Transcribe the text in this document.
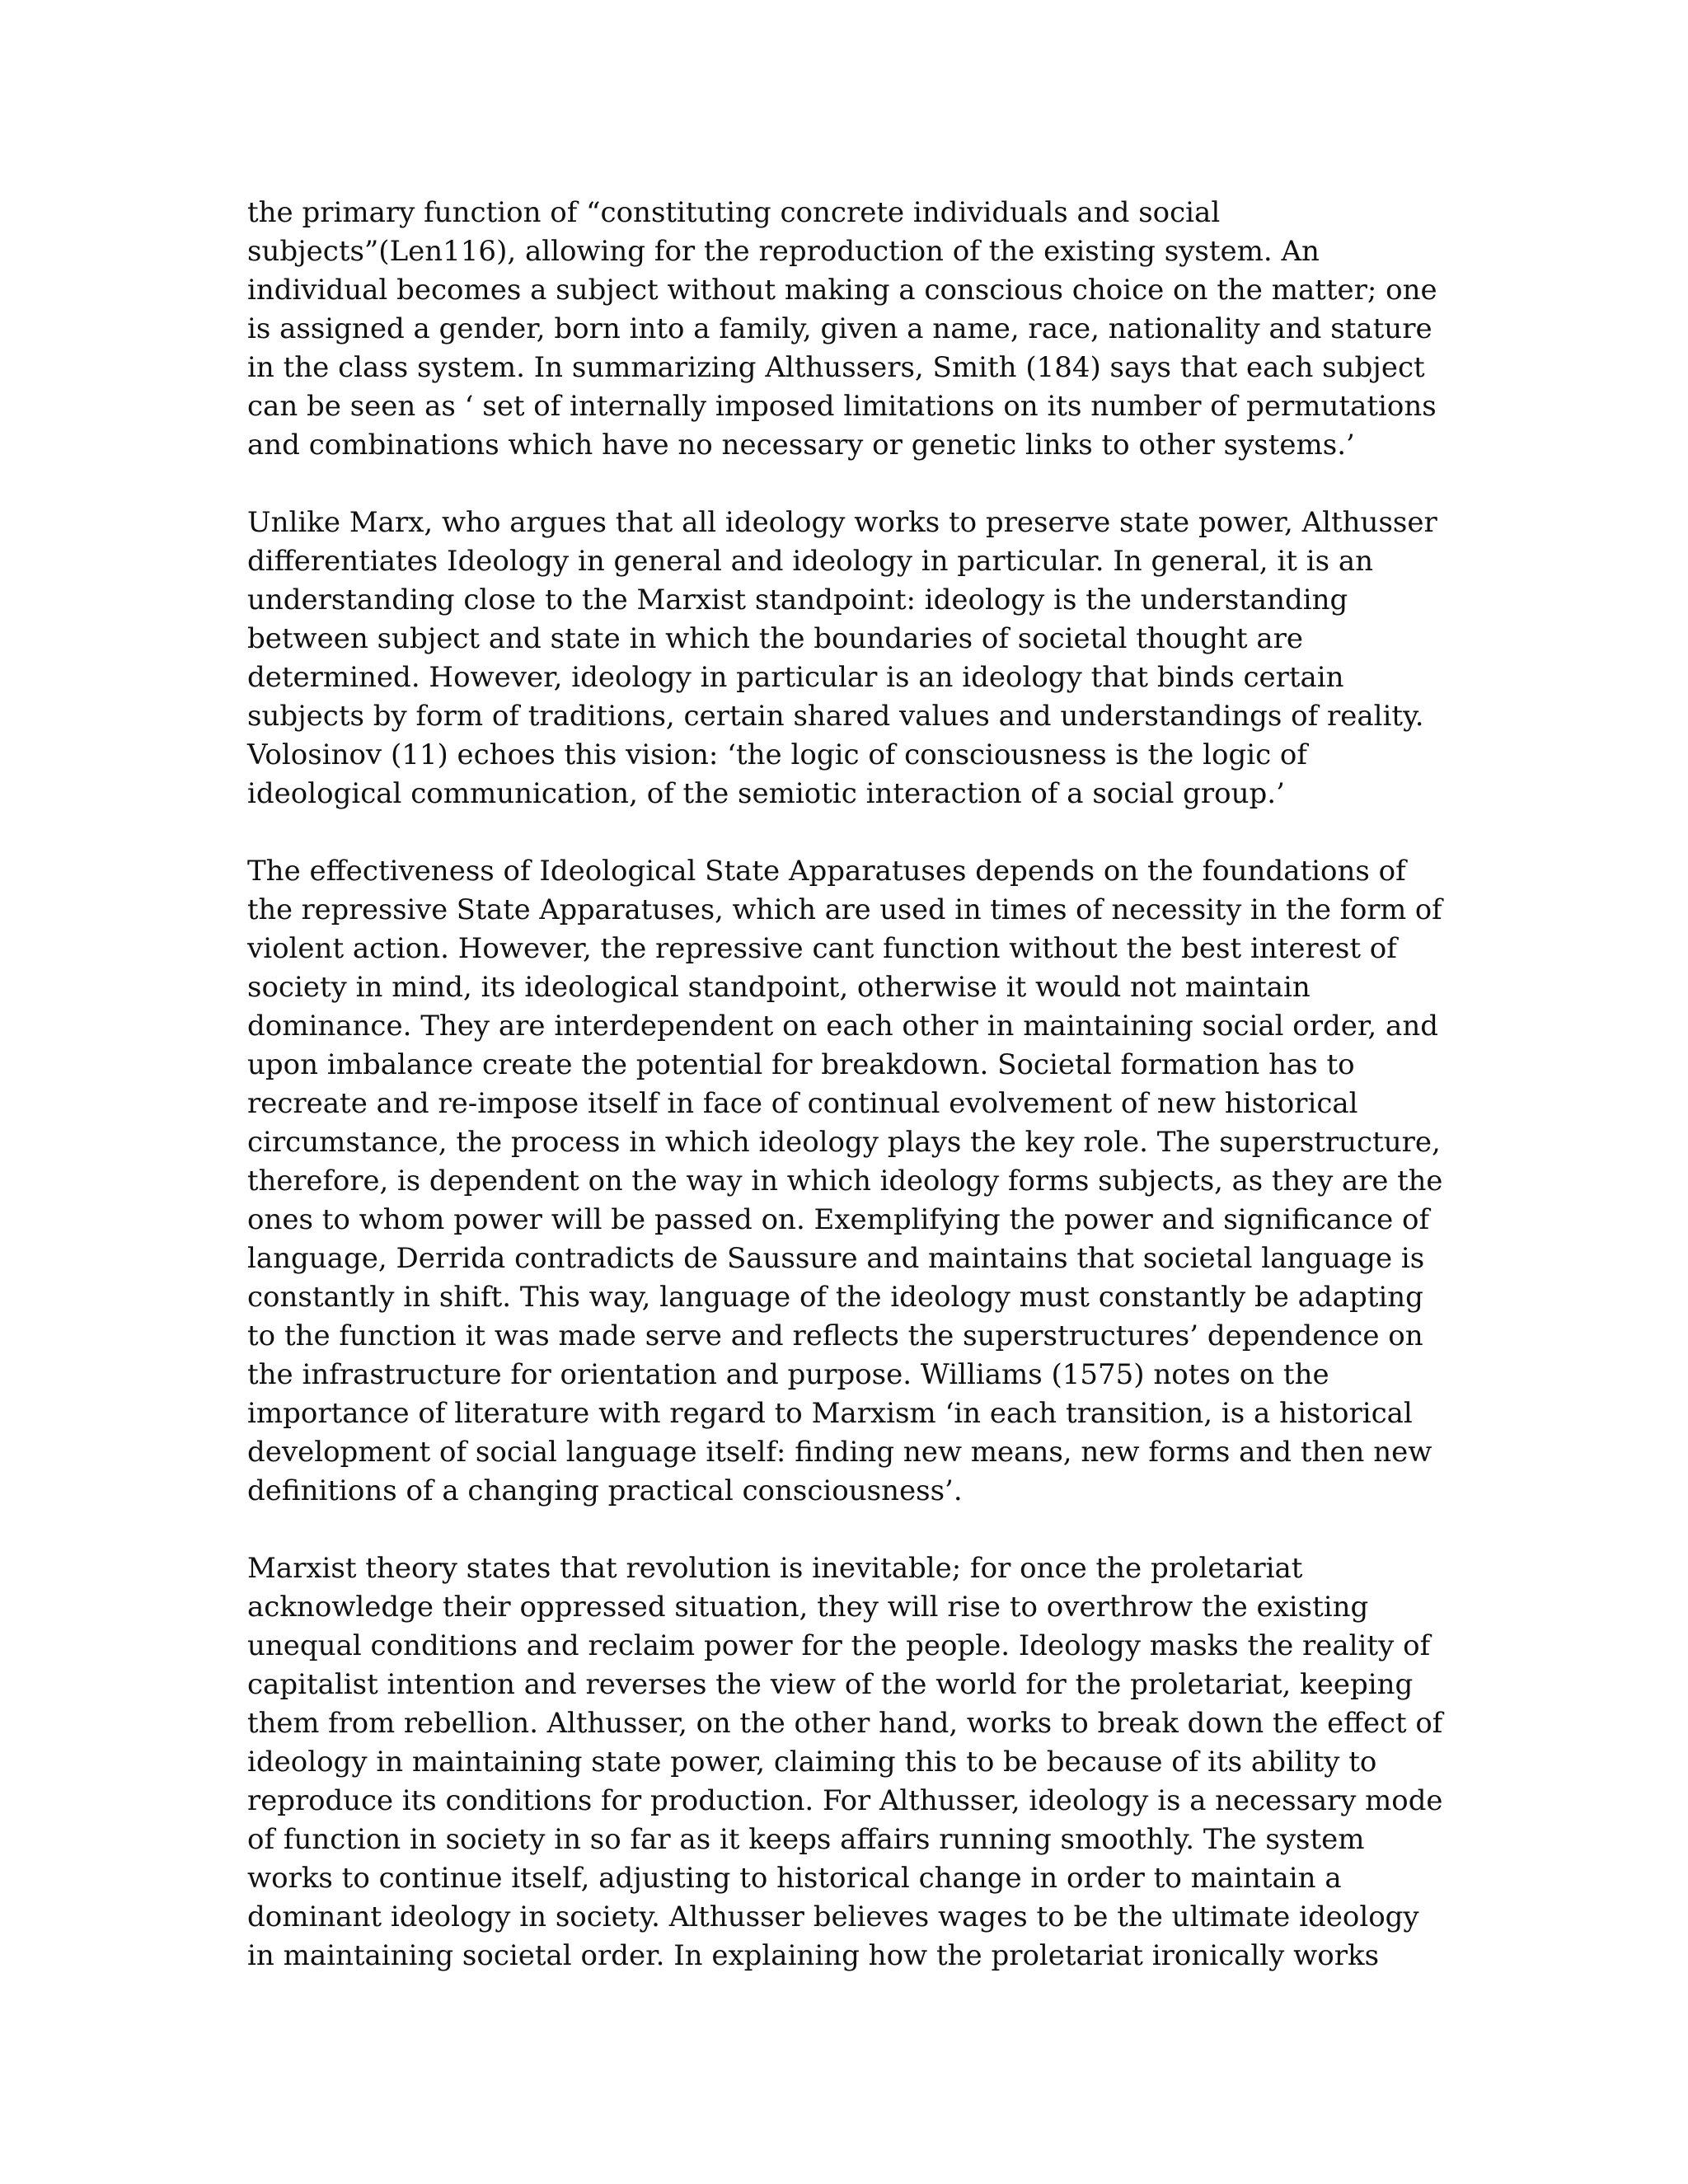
the primary function of “constituting concrete individuals and social
subjects”(Len116), allowing for the reproduction of the existing system. An
individual becomes a subject without making a conscious choice on the matter; one
is assigned a gender, born into a family, given a name, race, nationality and stature
in the class system. In summarizing Althussers, Smith (184) says that each subject
can be seen as ‘ set of internally imposed limitations on its number of permutations
and combinations which have no necessary or genetic links to other systems.’
Unlike Marx, who argues that all ideology works to preserve state power, Althusser
differentiates Ideology in general and ideology in particular. In general, it is an
understanding close to the Marxist standpoint: ideology is the understanding
between subject and state in which the boundaries of societal thought are
determined. However, ideology in particular is an ideology that binds certain
subjects by form of traditions, certain shared values and understandings of reality.
Volosinov (11) echoes this vision: ‘the logic of consciousness is the logic of
ideological communication, of the semiotic interaction of a social group.’
The effectiveness of Ideological State Apparatuses depends on the foundations of
the repressive State Apparatuses, which are used in times of necessity in the form of
violent action. However, the repressive cant function without the best interest of
society in mind, its ideological standpoint, otherwise it would not maintain
dominance. They are interdependent on each other in maintaining social order, and
upon imbalance create the potential for breakdown. Societal formation has to
recreate and re-impose itself in face of continual evolvement of new historical
circumstance, the process in which ideology plays the key role. The superstructure,
therefore, is dependent on the way in which ideology forms subjects, as they are the
ones to whom power will be passed on. Exemplifying the power and significance of
language, Derrida contradicts de Saussure and maintains that societal language is
constantly in shift. This way, language of the ideology must constantly be adapting
to the function it was made serve and reflects the superstructures’ dependence on
the infrastructure for orientation and purpose. Williams (1575) notes on the
importance of literature with regard to Marxism ‘in each transition, is a historical
development of social language itself: finding new means, new forms and then new
definitions of a changing practical consciousness’.
Marxist theory states that revolution is inevitable; for once the proletariat
acknowledge their oppressed situation, they will rise to overthrow the existing
unequal conditions and reclaim power for the people. Ideology masks the reality of
capitalist intention and reverses the view of the world for the proletariat, keeping
them from rebellion. Althusser, on the other hand, works to break down the effect of
ideology in maintaining state power, claiming this to be because of its ability to
reproduce its conditions for production. For Althusser, ideology is a necessary mode
of function in society in so far as it keeps affairs running smoothly. The system
works to continue itself, adjusting to historical change in order to maintain a
dominant ideology in society. Althusser believes wages to be the ultimate ideology
in maintaining societal order. In explaining how the proletariat ironically works
